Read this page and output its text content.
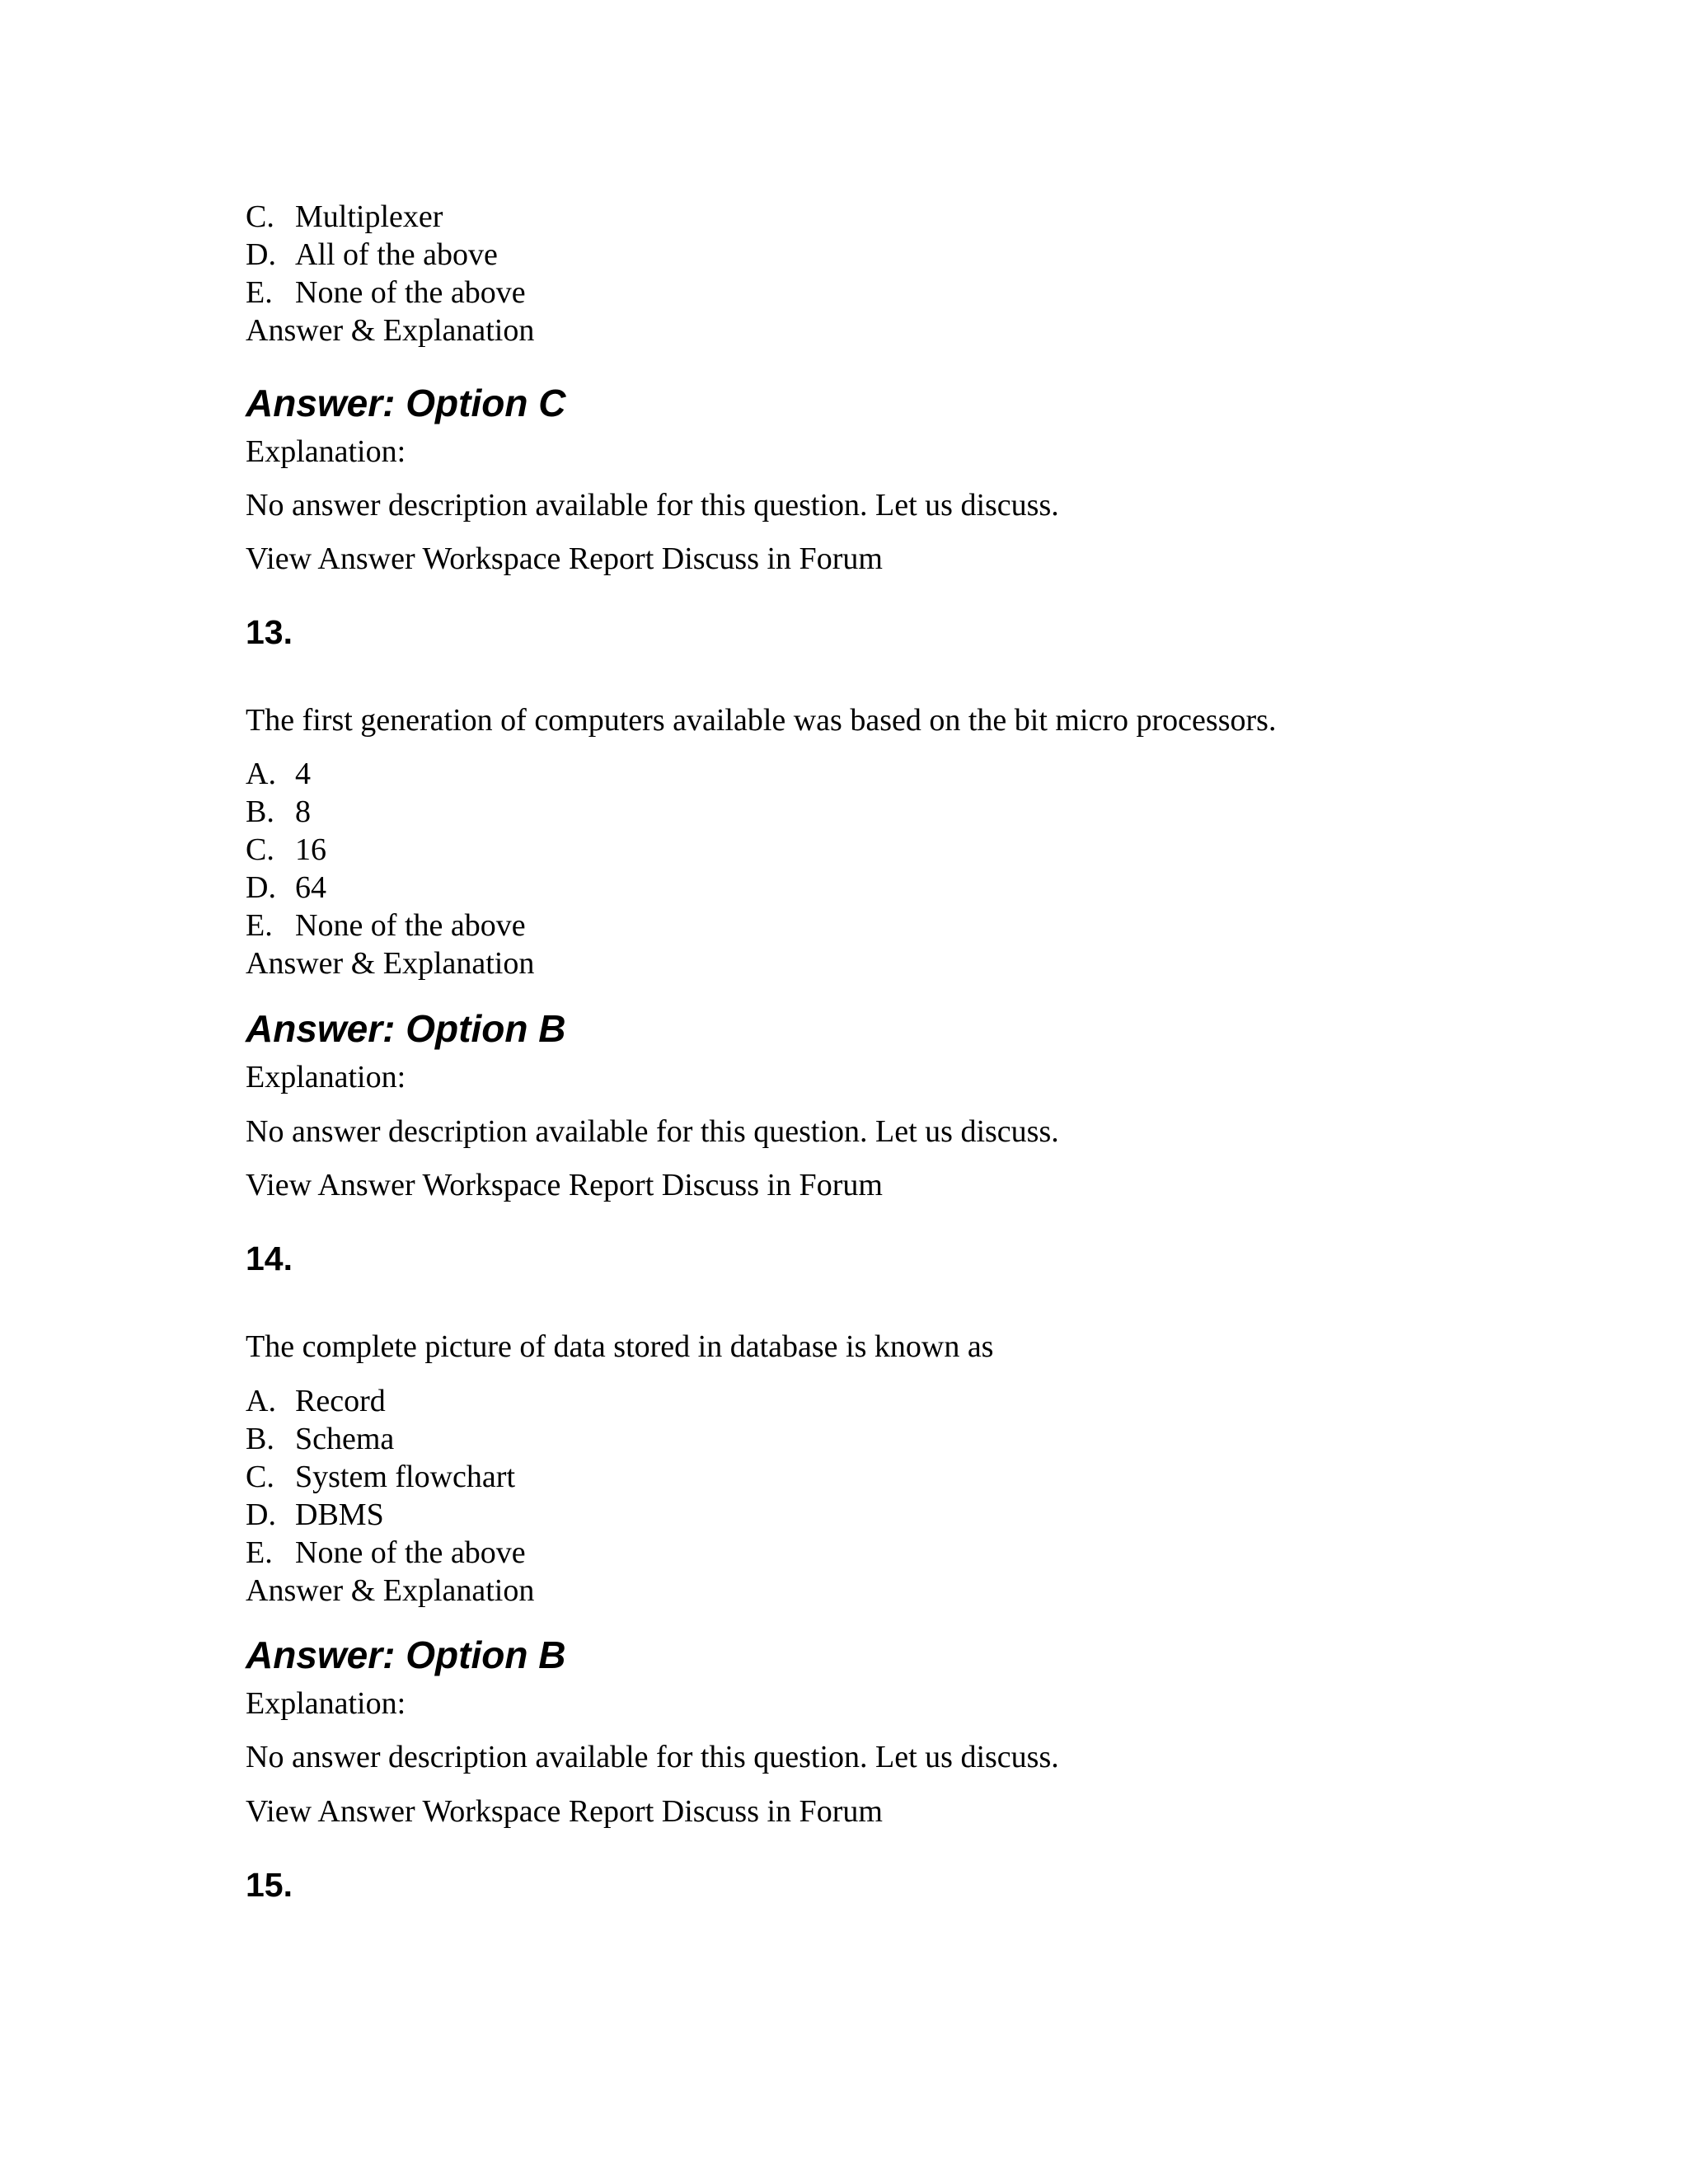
C. Multiplexer
D. All of the above
E. None of the above
Answer & Explanation
Answer: Option C
Explanation:
No answer description available for this question. Let us discuss.
View Answer Workspace Report Discuss in Forum
13.
The first generation of computers available was based on the bit micro processors.
A. 4
B. 8
C. 16
D. 64
E. None of the above
Answer & Explanation
Answer: Option B
Explanation:
No answer description available for this question. Let us discuss.
View Answer Workspace Report Discuss in Forum
14.
The complete picture of data stored in database is known as
A. Record
B. Schema
C. System flowchart
D. DBMS
E. None of the above
Answer & Explanation
Answer: Option B
Explanation:
No answer description available for this question. Let us discuss.
View Answer Workspace Report Discuss in Forum
15.
